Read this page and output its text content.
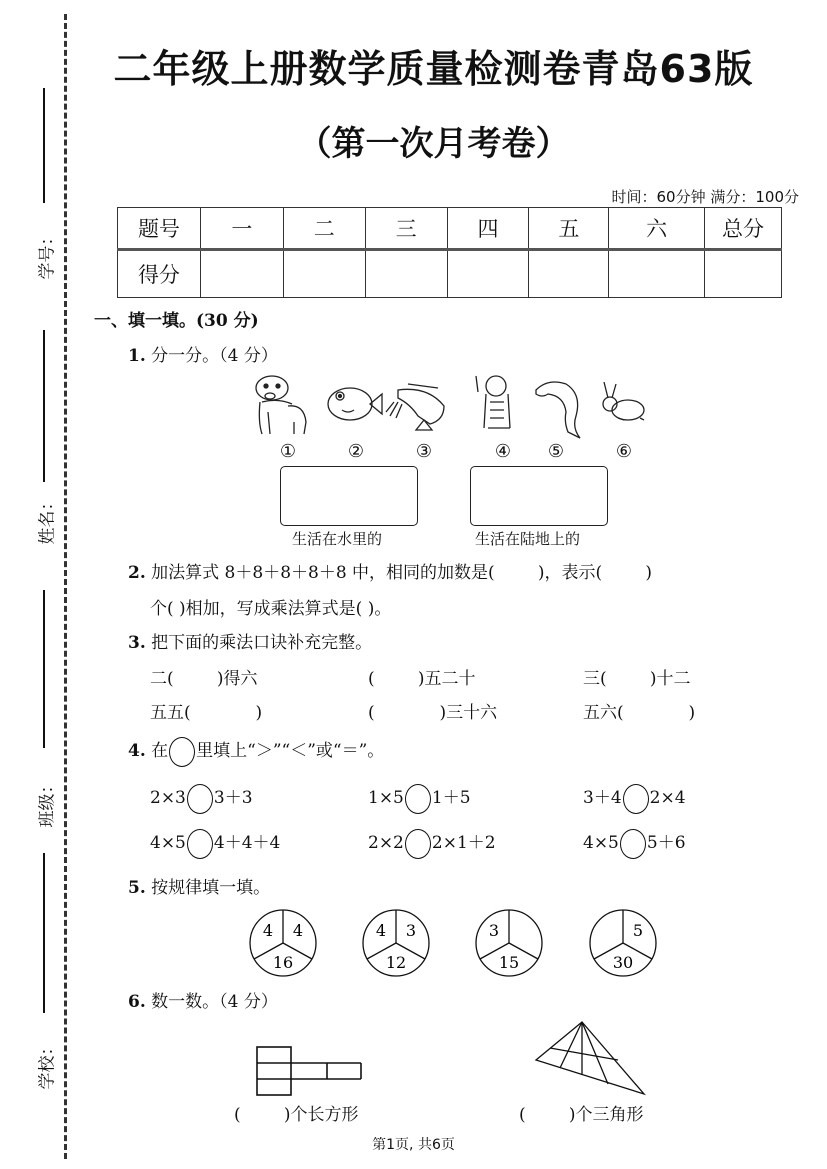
学号：
姓名：
班级：
学校：
二年级上册数学质量检测卷青岛63版
（第一次月考卷）
时间：60分钟 满分：100分
题号	一	二	三	四	五	六	总分
得分							
一、填一填。(30 分)
1. 分一分。（4 分）
①	②	③	④	⑤	⑥
生活在水里的	生活在陆地上的
2. 加法算式 8＋8＋8＋8＋8 中，相同的加数是(        )，表示(        )
个( )相加，写成乘法算式是( )。
3. 把下面的乘法口诀补充完整。
二(        )得六	(        )五二十	三(        )十二
五五(            )	(            )三十六	五六(            )
4. 在 里填上“＞”“＜”或“＝”。
2×3 3＋3	1×5 1＋5	3＋4 2×4
4×5 4＋4＋4	2×2 2×1＋2	4×5 5＋6
5. 按规律填一填。
4 4
16
4 3
12
3
15
5
30
6. 数一数。（4 分）
(        )个长方形	(        )个三角形
第1页, 共6页
